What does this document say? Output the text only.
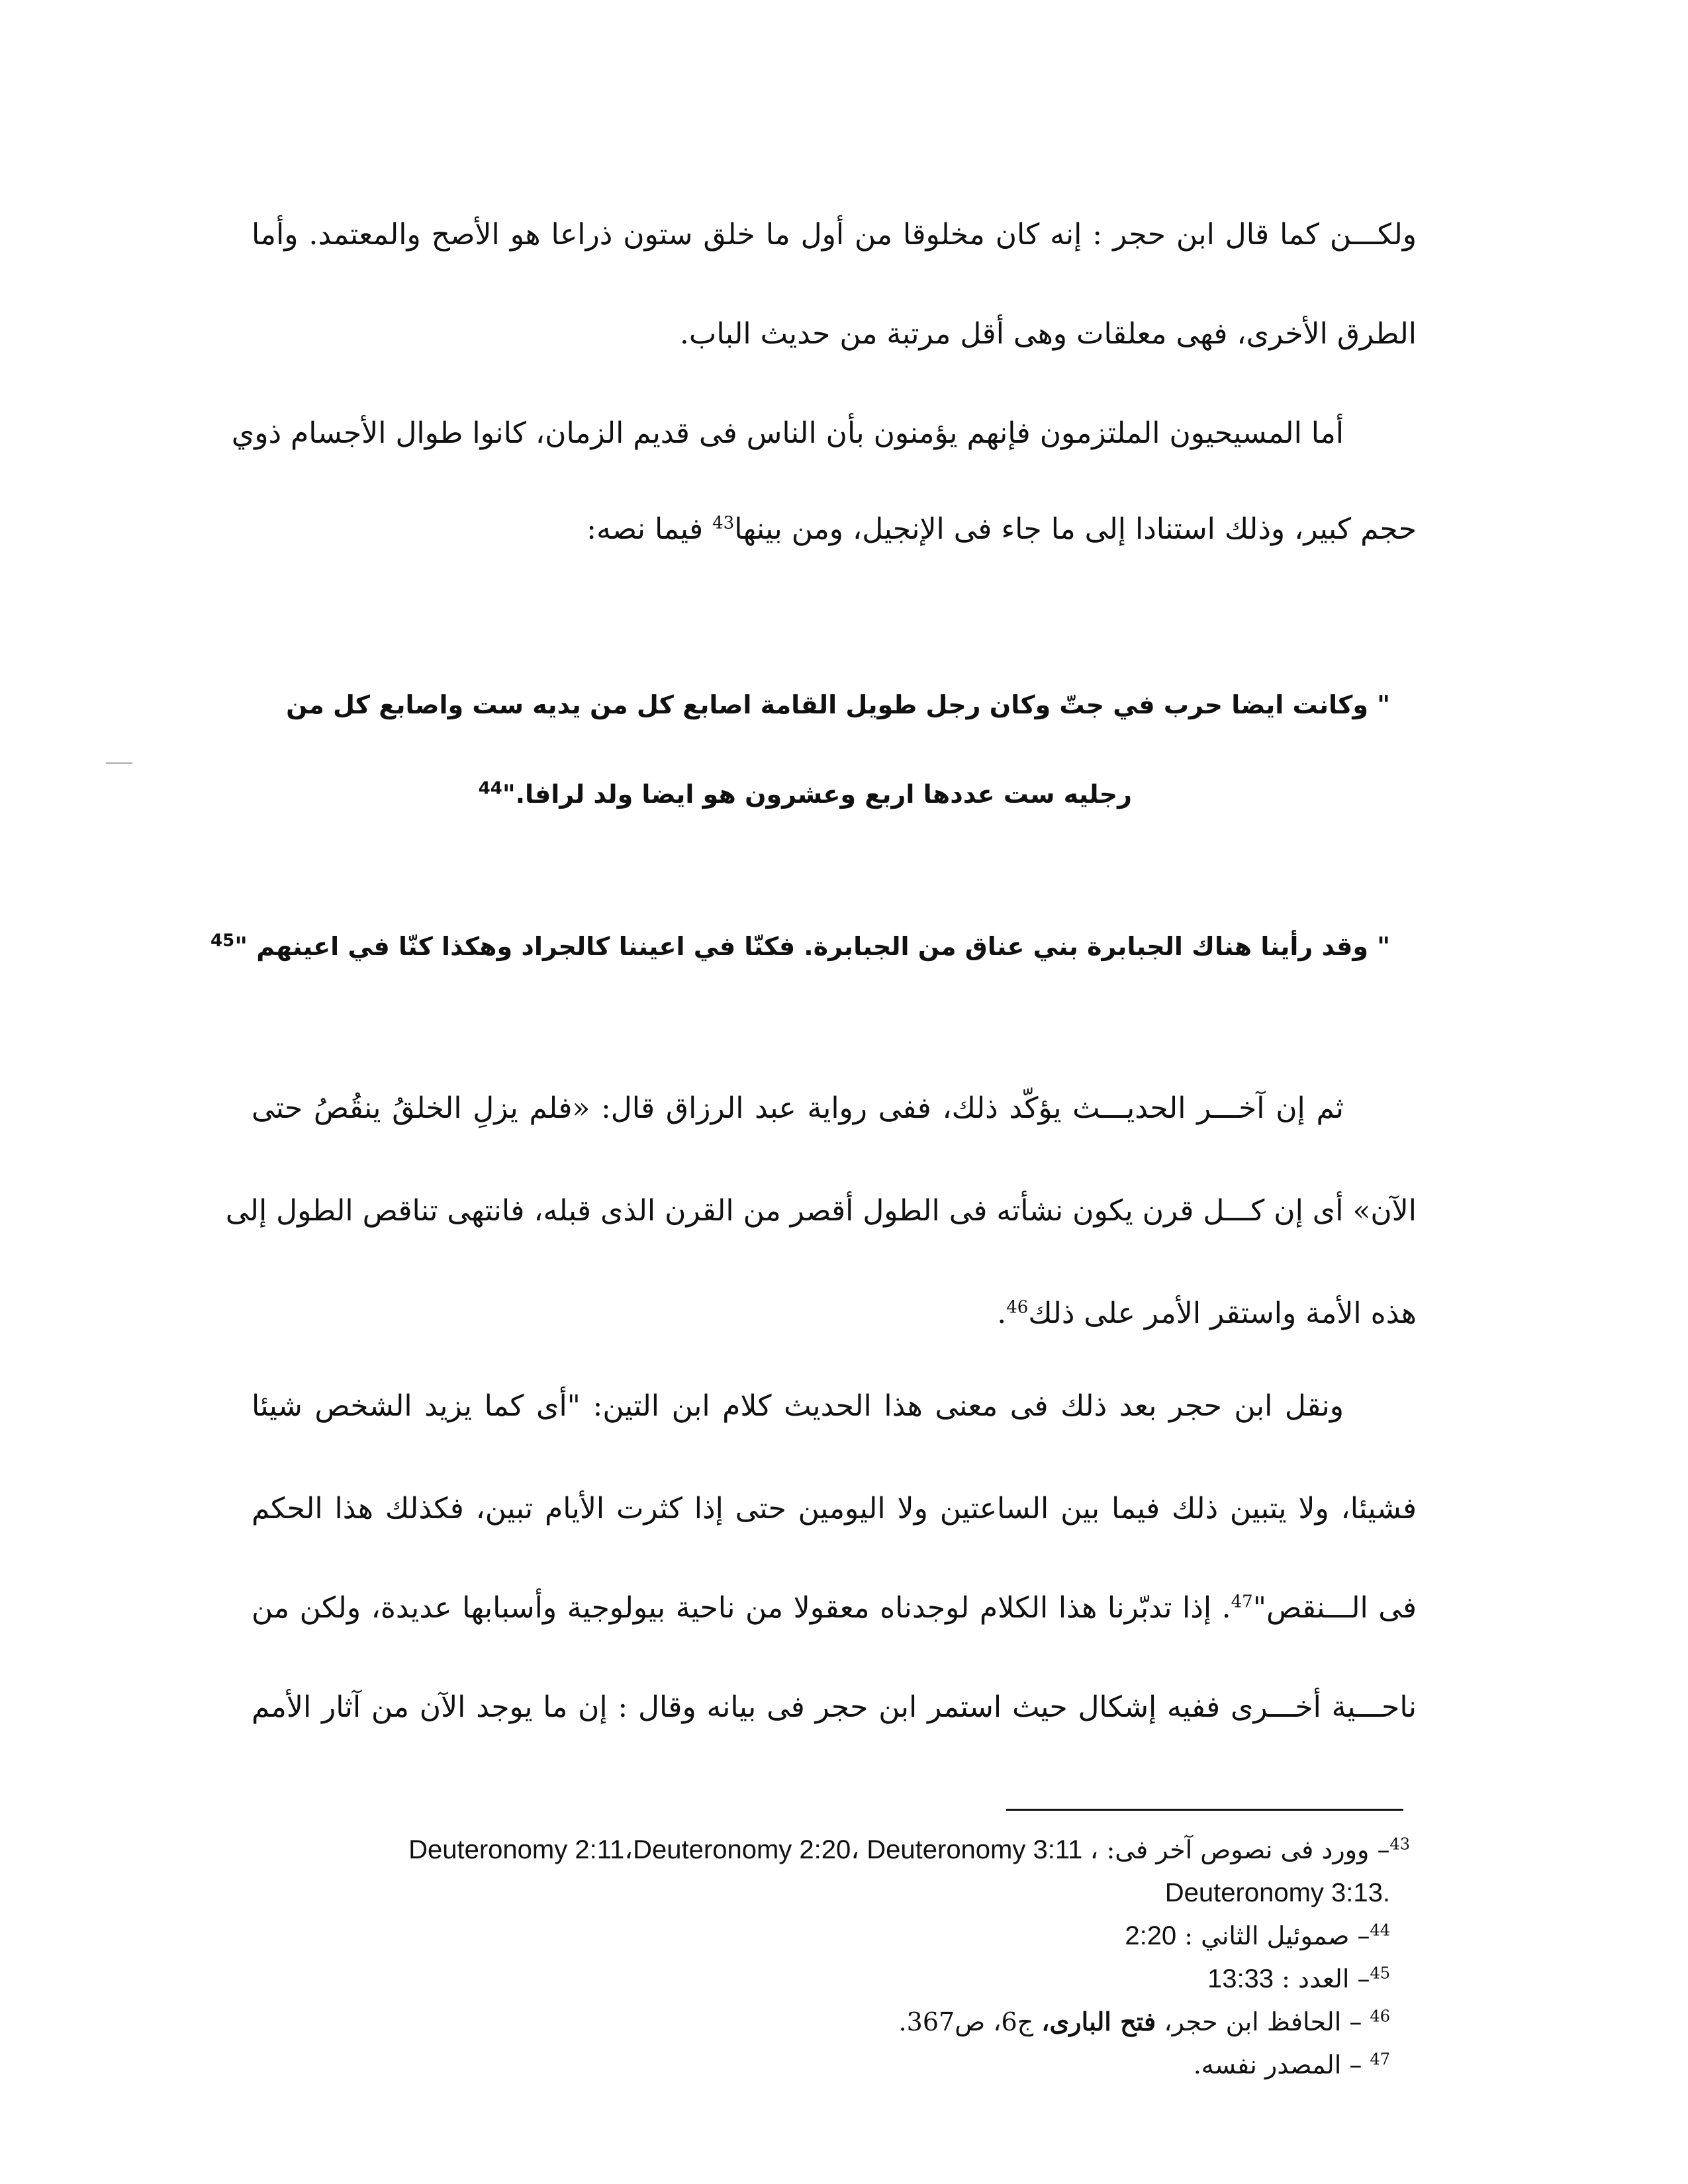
ولكـــن كما قال ابن حجر : إنه كان مخلوقا من أول ما خلق ستون ذراعا هو الأصح والمعتمد. وأما
الطرق الأخرى، فهى معلقات وهى أقل مرتبة من حديث الباب.
أما المسيحيون الملتزمون فإنهم يؤمنون بأن الناس فى قديم الزمان، كانوا طوال الأجسام ذوي
حجم كبير، وذلك استنادا إلى ما جاء فى الإنجيل، ومن بينها$^{43}$ فيما نصه:
" وكانت ايضا حرب في جتّ وكان رجل طويل القامة اصابع كل من يديه ست واصابع كل من
رجليه ست عددها اربع وعشرون هو ايضا ولد لرافا."$^{44}$
" وقد رأينا هناك الجبابرة بني عناق من الجبابرة. فكنّا في اعيننا كالجراد وهكذا كنّا في اعينهم "$^{45}$
ثم إن آخـــر الحديـــث يؤكّد ذلك، ففى رواية عبد الرزاق قال: «فلم يزلِ الخلقُ ينقُصُ حتى
الآن» أى إن كـــل قرن يكون نشأته فى الطول أقصر من القرن الذى قبله، فانتهى تناقص الطول إلى
هذه الأمة واستقر الأمر على ذلك$^{46}$.
ونقل ابن حجر بعد ذلك فى معنى هذا الحديث كلام ابن التين: "أى كما يزيد الشخص شيئا
فشيئا، ولا يتبين ذلك فيما بين الساعتين ولا اليومين حتى إذا كثرت الأيام تبين، فكذلك هذا الحكم
فى الـــنقص"$^{47}$. إذا تدبّرنا هذا الكلام لوجدناه معقولا من ناحية بيولوجية وأسبابها عديدة، ولكن من
ناحـــية أخـــرى ففيه إشكال حيث استمر ابن حجر فى بيانه وقال : إن ما يوجد الآن من آثار الأمم
$^{43}$– وورد فى نصوص آخر فى: Deuteronomy 2:11،Deuteronomy 2:20، Deuteronomy 3:11 ،
Deuteronomy 3:13.
$^{44}$– صموئيل الثاني : 2:20
$^{45}$– العدد : 13:33
$^{46}$ – الحافظ ابن حجر، فتح البارى، ج6، ص367.
$^{47}$ – المصدر نفسه.
